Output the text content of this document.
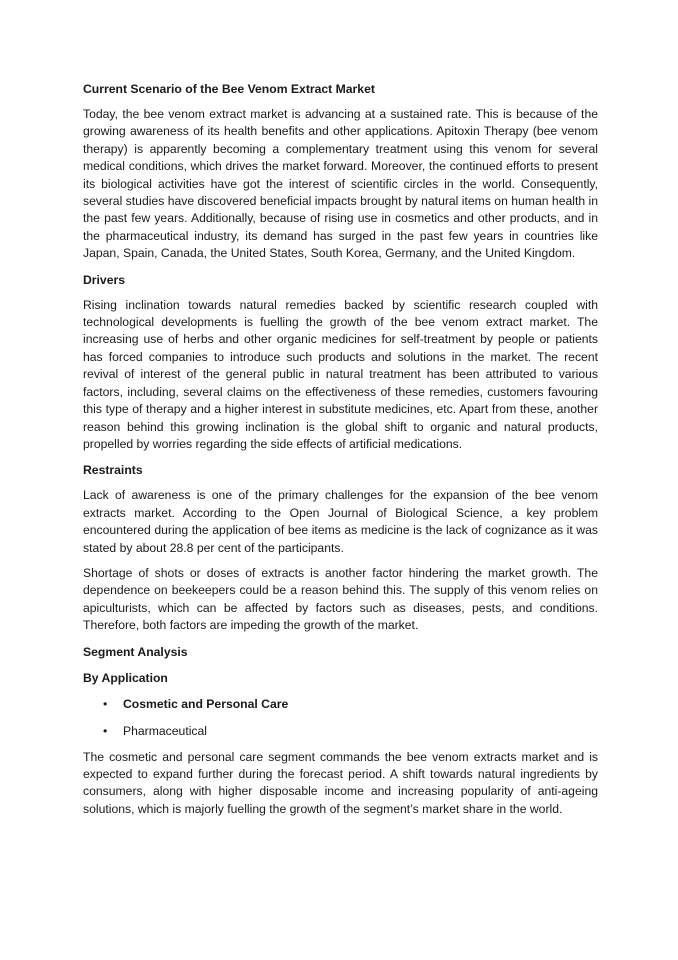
Current Scenario of the Bee Venom Extract Market

Today, the bee venom extract market is advancing at a sustained rate. This is because of the growing awareness of its health benefits and other applications. Apitoxin Therapy (bee venom therapy) is apparently becoming a complementary treatment using this venom for several medical conditions, which drives the market forward. Moreover, the continued efforts to present its biological activities have got the interest of scientific circles in the world. Consequently, several studies have discovered beneficial impacts brought by natural items on human health in the past few years. Additionally, because of rising use in cosmetics and other products, and in the pharmaceutical industry, its demand has surged in the past few years in countries like Japan, Spain, Canada, the United States, South Korea, Germany, and the United Kingdom.

Drivers

Rising inclination towards natural remedies backed by scientific research coupled with technological developments is fuelling the growth of the bee venom extract market. The increasing use of herbs and other organic medicines for self-treatment by people or patients has forced companies to introduce such products and solutions in the market. The recent revival of interest of the general public in natural treatment has been attributed to various factors, including, several claims on the effectiveness of these remedies, customers favouring this type of therapy and a higher interest in substitute medicines, etc. Apart from these, another reason behind this growing inclination is the global shift to organic and natural products, propelled by worries regarding the side effects of artificial medications.

Restraints

Lack of awareness is one of the primary challenges for the expansion of the bee venom extracts market. According to the Open Journal of Biological Science, a key problem encountered during the application of bee items as medicine is the lack of cognizance as it was stated by about 28.8 per cent of the participants.

Shortage of shots or doses of extracts is another factor hindering the market growth. The dependence on beekeepers could be a reason behind this. The supply of this venom relies on apiculturists, which can be affected by factors such as diseases, pests, and conditions. Therefore, both factors are impeding the growth of the market.

Segment Analysis
By Application
• Cosmetic and Personal Care
• Pharmaceutical

The cosmetic and personal care segment commands the bee venom extracts market and is expected to expand further during the forecast period. A shift towards natural ingredients by consumers, along with higher disposable income and increasing popularity of anti-ageing solutions, which is majorly fuelling the growth of the segment’s market share in the world.
